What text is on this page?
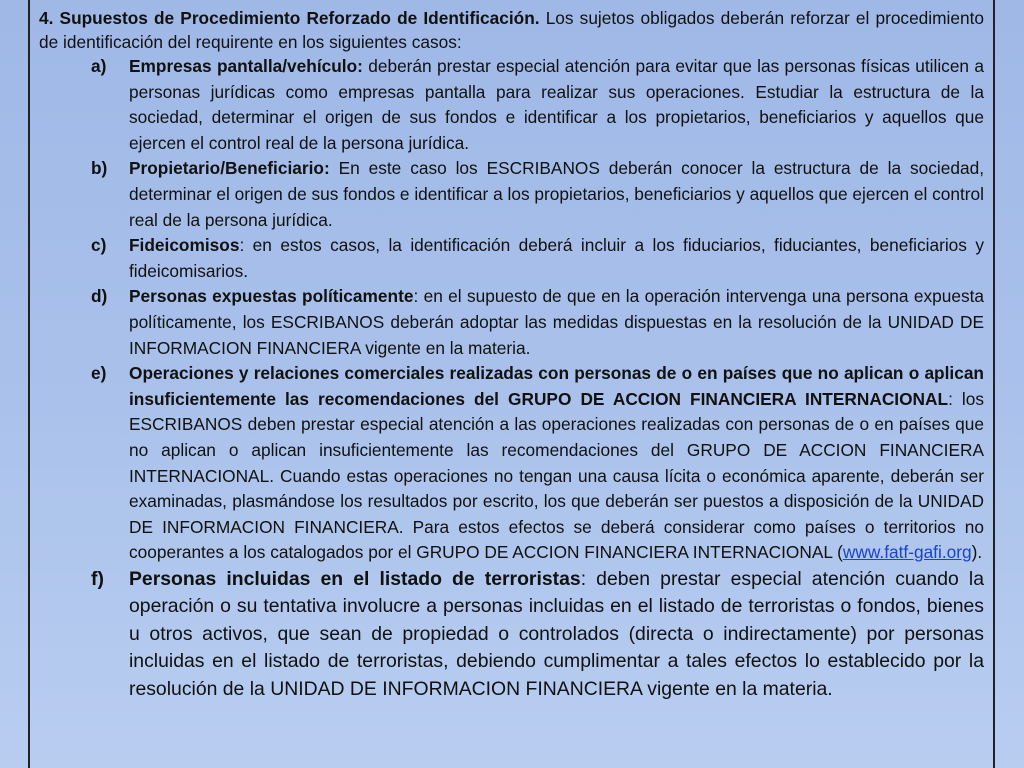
4. Supuestos de Procedimiento Reforzado de Identificación. Los sujetos obligados deberán reforzar el procedimiento de identificación del requirente en los siguientes casos:

a)	Empresas pantalla/vehículo: deberán prestar especial atención para evitar que las personas físicas utilicen a personas jurídicas como empresas pantalla para realizar sus operaciones. Estudiar la estructura de la sociedad, determinar el origen de sus fondos e identificar a los propietarios, beneficiarios y aquellos que ejercen el control real de la persona jurídica.
b)	Propietario/Beneficiario: En este caso los ESCRIBANOS deberán conocer la estructura de la sociedad, determinar el origen de sus fondos e identificar a los propietarios, beneficiarios y aquellos que ejercen el control real de la persona jurídica.
c)	Fideicomisos: en estos casos, la identificación deberá incluir a los fiduciarios, fiduciantes, beneficiarios y fideicomisarios.
d)	Personas expuestas políticamente: en el supuesto de que en la operación intervenga una persona expuesta políticamente, los ESCRIBANOS deberán adoptar las medidas dispuestas en la resolución de la UNIDAD DE INFORMACION FINANCIERA vigente en la materia.
e)	Operaciones y relaciones comerciales realizadas con personas de o en países que no aplican o aplican insuficientemente las recomendaciones del GRUPO DE ACCION FINANCIERA INTERNACIONAL: los ESCRIBANOS deben prestar especial atención a las operaciones realizadas con personas de o en países que no aplican o aplican insuficientemente las recomendaciones del GRUPO DE ACCION FINANCIERA INTERNACIONAL. Cuando estas operaciones no tengan una causa lícita o económica aparente, deberán ser examinadas, plasmándose los resultados por escrito, los que deberán ser puestos a disposición de la UNIDAD DE INFORMACION FINANCIERA. Para estos efectos se deberá considerar como países o territorios no cooperantes a los catalogados por el GRUPO DE ACCION FINANCIERA INTERNACIONAL (www.fatf-gafi.org).
f)	Personas incluidas en el listado de terroristas: deben prestar especial atención cuando la operación o su tentativa involucre a personas incluidas en el listado de terroristas o fondos, bienes u otros activos, que sean de propiedad o controlados (directa o indirectamente) por personas incluidas en el listado de terroristas, debiendo cumplimentar a tales efectos lo establecido por la resolución de la UNIDAD DE INFORMACION FINANCIERA vigente en la materia.
